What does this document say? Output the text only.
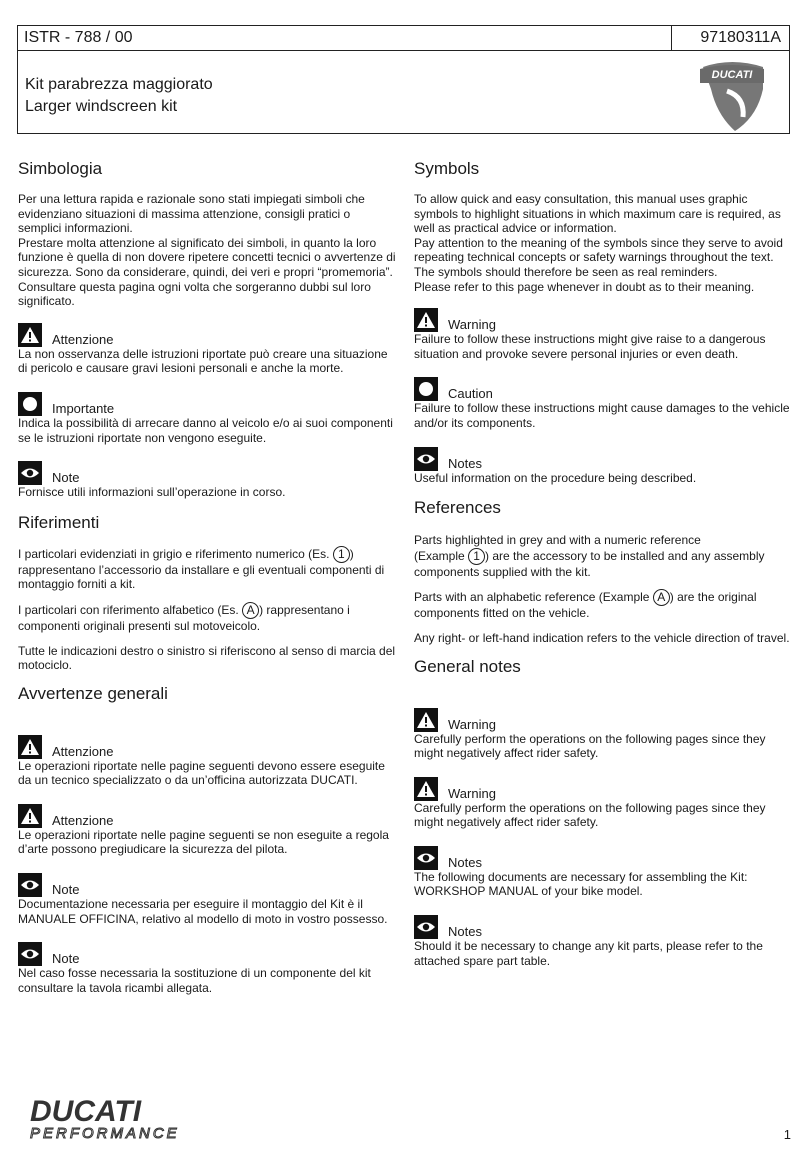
ISTR - 788 / 00	97180311A
Kit parabrezza maggiorato
Larger windscreen kit
DUCATI
Simbologia

Per una lettura rapida e razionale sono stati impiegati simboli che evidenziano situazioni di massima attenzione, consigli pratici o semplici informazioni.

Prestare molta attenzione al significato dei simboli, in quanto la loro funzione è quella di non dovere ripetere concetti tecnici o avvertenze di sicurezza. Sono da considerare, quindi, dei veri e propri “promemoria”.

Consultare questa pagina ogni volta che sorgeranno dubbi sul loro significato.

Attenzione

La non osservanza delle istruzioni riportate può creare una situazione di pericolo e causare gravi lesioni personali e anche la morte.

Importante

Indica la possibilità di arrecare danno al veicolo e/o ai suoi componenti se le istruzioni riportate non vengono eseguite.

Note

Fornisce utili informazioni sull’operazione in corso.

Riferimenti

I particolari evidenziati in grigio e riferimento numerico (Es. 1 ) rappresentano l’accessorio da installare e gli eventuali componenti di montaggio forniti a kit.

I particolari con riferimento alfabetico (Es. A ) rappresentano i componenti originali presenti sul motoveicolo.

Tutte le indicazioni destro o sinistro si riferiscono al senso di marcia del motociclo.

Avvertenze generali
Attenzione

Le operazioni riportate nelle pagine seguenti devono essere eseguite da un tecnico specializzato o da un’officina autorizzata DUCATI.

Attenzione

Le operazioni riportate nelle pagine seguenti se non eseguite a regola d’arte possono pregiudicare la sicurezza del pilota.

Note

Documentazione necessaria per eseguire il montaggio del Kit è il MANUALE OFFICINA, relativo al modello di moto in vostro possesso.

Note

Nel caso fosse necessaria la sostituzione di un componente del kit consultare la tavola ricambi allegata.

Symbols

To allow quick and easy consultation, this manual uses graphic symbols to highlight situations in which maximum care is required, as well as practical advice or information.

Pay attention to the meaning of the symbols since they serve to avoid repeating technical concepts or safety warnings throughout the text. The symbols should therefore be seen as real reminders.

Please refer to this page whenever in doubt as to their meaning.

Warning

Failure to follow these instructions might give raise to a dangerous situation and provoke severe personal injuries or even death.

Caution

Failure to follow these instructions might cause damages to the vehicle and/or its components.

Notes

Useful information on the procedure being described.

References

Parts highlighted in grey and with a numeric reference
(Example 1 ) are the accessory to be installed and any assembly components supplied with the kit.

Parts with an alphabetic reference (Example A ) are the original components fitted on the vehicle.

Any right- or left-hand indication refers to the vehicle direction of travel.

General notes
Warning

Carefully perform the operations on the following pages since they might negatively affect rider safety.

Warning

Carefully perform the operations on the following pages since they might negatively affect rider safety.

Notes

The following documents are necessary for assembling the Kit: WORKSHOP MANUAL of your bike model.

Notes

Should it be necessary to change any kit parts, please refer to the attached spare part table.

DUCATI
PERFORMANCE	1
